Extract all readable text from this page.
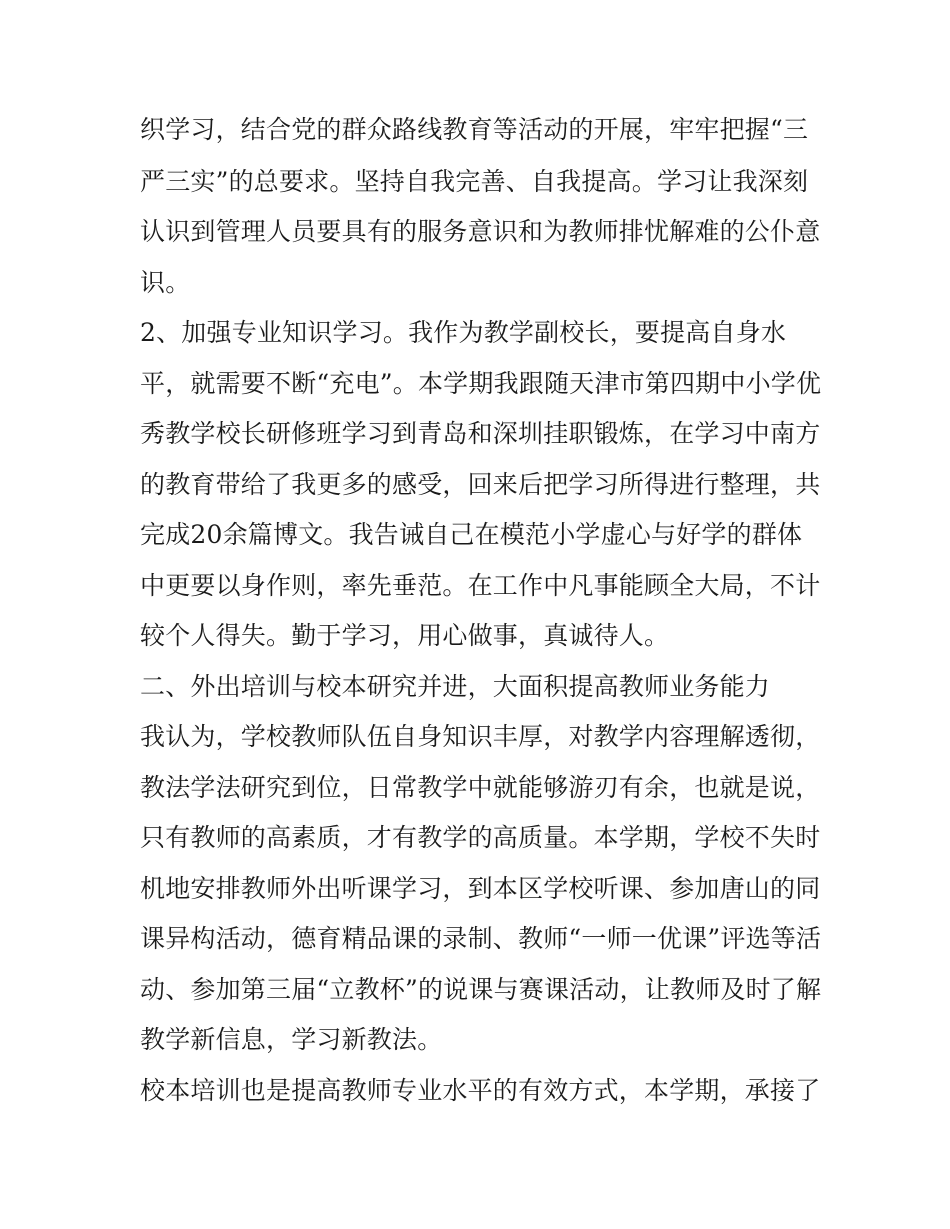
织学习，结合党的群众路线教育等活动的开展，牢牢把握“三
严三实”的总要求。坚持自我完善、自我提高。学习让我深刻
认识到管理人员要具有的服务意识和为教师排忧解难的公仆意
识。
2、加强专业知识学习。我作为教学副校长，要提高自身水
平，就需要不断“充电”。本学期我跟随天津市第四期中小学优
秀教学校长研修班学习到青岛和深圳挂职锻炼，在学习中南方
的教育带给了我更多的感受，回来后把学习所得进行整理，共
完成20余篇博文。我告诫自己在模范小学虚心与好学的群体
中更要以身作则，率先垂范。在工作中凡事能顾全大局，不计
较个人得失。勤于学习，用心做事，真诚待人。
二、外出培训与校本研究并进，大面积提高教师业务能力
我认为，学校教师队伍自身知识丰厚，对教学内容理解透彻，
教法学法研究到位，日常教学中就能够游刃有余，也就是说，
只有教师的高素质，才有教学的高质量。本学期，学校不失时
机地安排教师外出听课学习，到本区学校听课、参加唐山的同
课异构活动，德育精品课的录制、教师“一师一优课”评选等活
动、参加第三届“立教杯”的说课与赛课活动，让教师及时了解
教学新信息，学习新教法。
校本培训也是提高教师专业水平的有效方式，本学期，承接了
